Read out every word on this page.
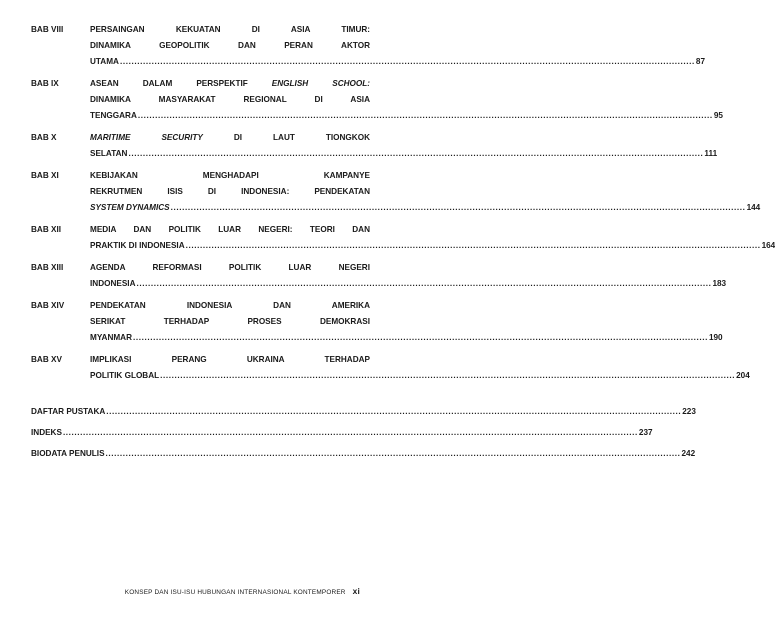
BAB VIII	PERSAINGAN KEKUATAN DI ASIA TIMUR:
DINAMIKA GEOPOLITIK DAN PERAN AKTOR
UTAMA ........................................................................................................................................................................................................ 87
BAB IX	ASEAN DALAM PERSPEKTIF ENGLISH SCHOOL:
DINAMIKA MASYARAKAT REGIONAL DI ASIA
TENGGARA ........................................................................................................................................................................................................ 95
BAB X	MARITIME SECURITY DI LAUT TIONGKOK
SELATAN ........................................................................................................................................................................................................ 111
BAB XI	KEBIJAKAN MENGHADAPI KAMPANYE
REKRUTMEN ISIS DI INDONESIA: PENDEKATAN
SYSTEM DYNAMICS ........................................................................................................................................................................................................ 144
BAB XII	MEDIA DAN POLITIK LUAR NEGERI: TEORI DAN
PRAKTIK DI INDONESIA ........................................................................................................................................................................................................ 164
BAB XIII	AGENDA REFORMASI POLITIK LUAR NEGERI
INDONESIA ........................................................................................................................................................................................................ 183
BAB XIV	PENDEKATAN INDONESIA DAN AMERIKA
SERIKAT TERHADAP PROSES DEMOKRASI
MYANMAR ........................................................................................................................................................................................................ 190
BAB XV	IMPLIKASI PERANG UKRAINA TERHADAP
POLITIK GLOBAL ........................................................................................................................................................................................................ 204
DAFTAR PUSTAKA ........................................................................................................................................................................................................ 223
INDEKS ........................................................................................................................................................................................................ 237
BIODATA PENULIS ........................................................................................................................................................................................................ 242
KONSEP DAN ISU-ISU HUBUNGAN INTERNASIONAL KONTEMPORER xi
